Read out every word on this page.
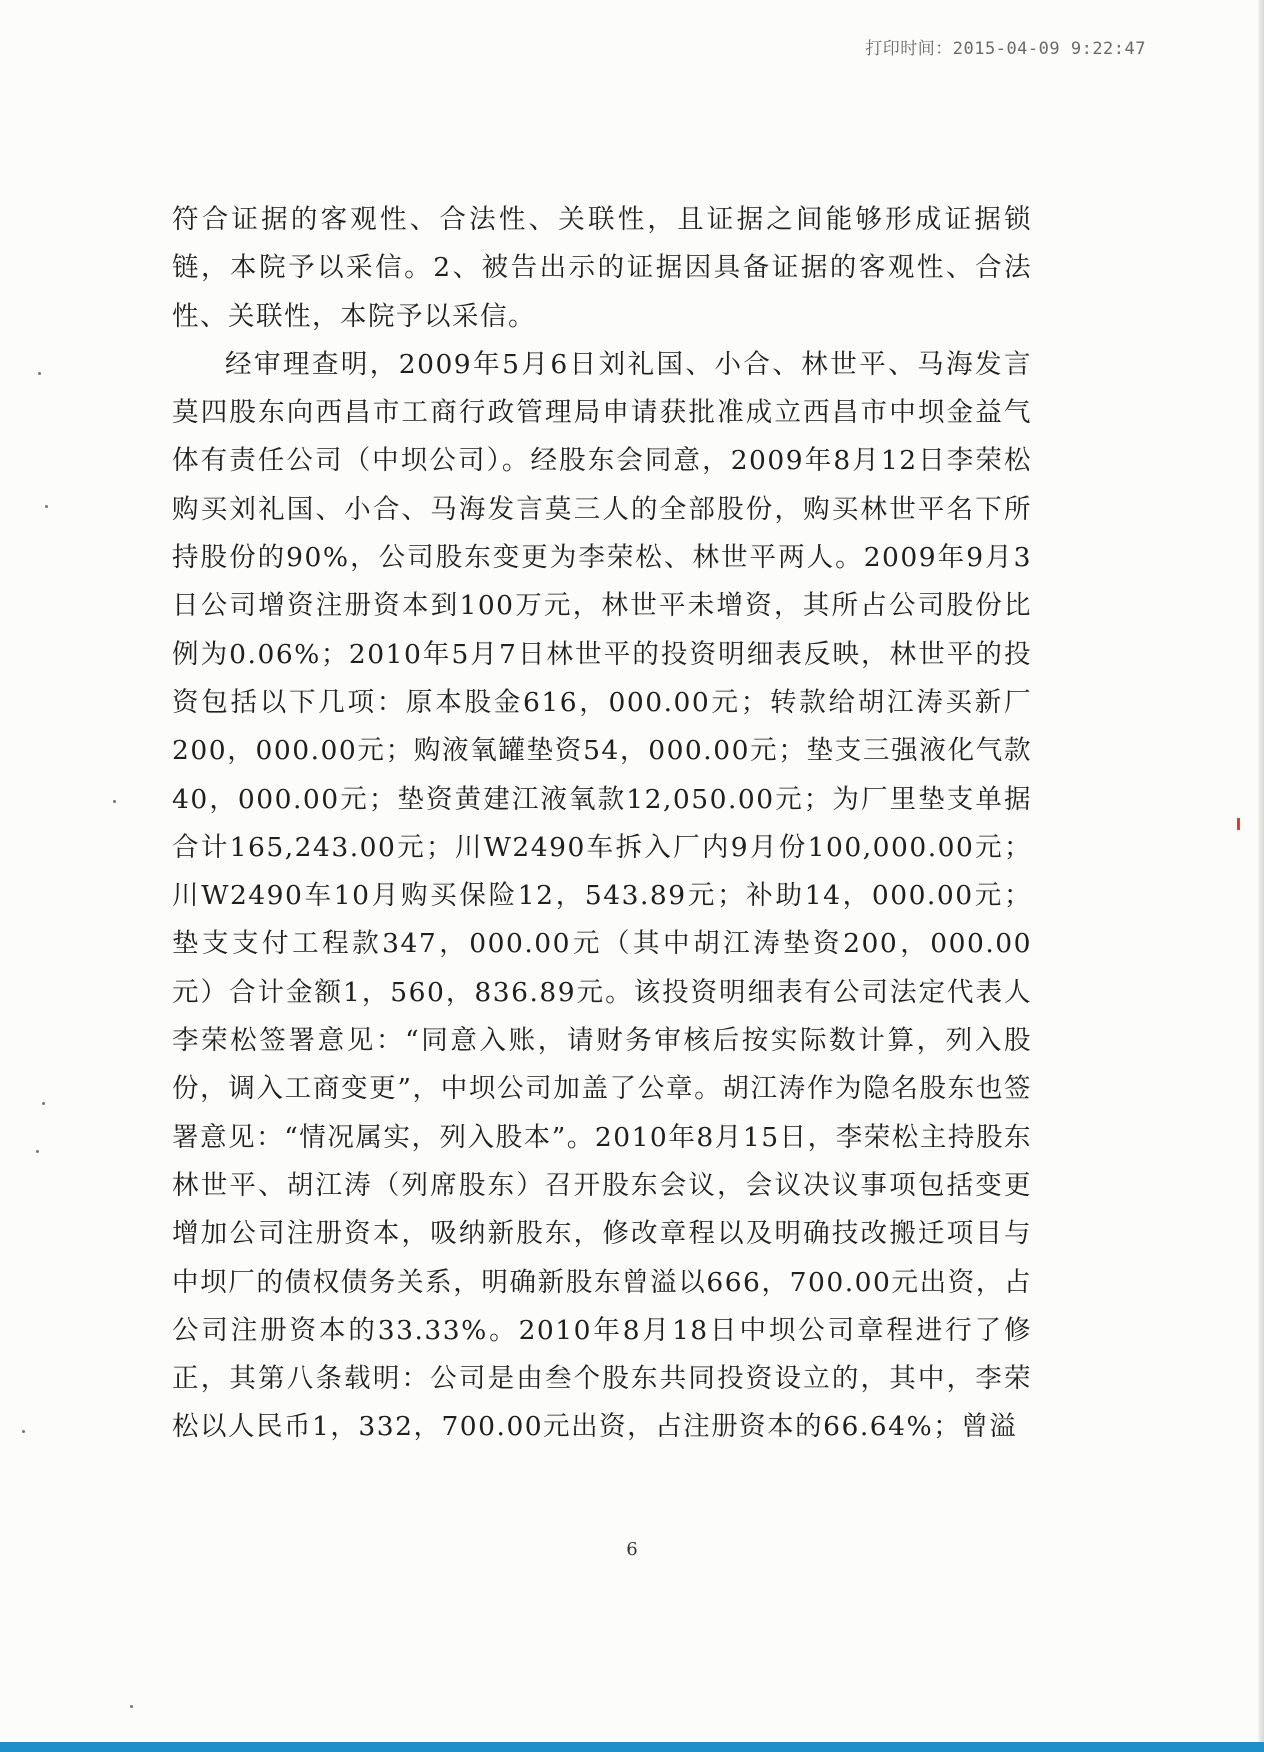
打印时间：2015-04-09 9:22:47

符合证据的客观性、合法性、关联性，且证据之间能够形成证据锁链，本院予以采信。2、被告出示的证据因具备证据的客观性、合法性、关联性，本院予以采信。

经审理查明，2009年5月6日刘礼国、小合、林世平、马海发言莫四股东向西昌市工商行政管理局申请获批准成立西昌市中坝金益气体有责任公司（中坝公司）。经股东会同意，2009年8月12日李荣松购买刘礼国、小合、马海发言莫三人的全部股份，购买林世平名下所持股份的90%，公司股东变更为李荣松、林世平两人。2009年9月3日公司增资注册资本到100万元，林世平未增资，其所占公司股份比例为0.06%；2010年5月7日林世平的投资明细表反映，林世平的投资包括以下几项：原本股金616，000.00元；转款给胡江涛买新厂200，000.00元；购液氧罐垫资54，000.00元；垫支三强液化气款40，000.00元；垫资黄建江液氧款12,050.00元；为厂里垫支单据合计165,243.00元；川W2490车拆入厂内9月份100,000.00元；川W2490车10月购买保险12，543.89元；补助14，000.00元；垫支支付工程款347，000.00元（其中胡江涛垫资200，000.00元）合计金额1，560，836.89元。该投资明细表有公司法定代表人李荣松签署意见：“同意入账，请财务审核后按实际数计算，列入股份，调入工商变更”，中坝公司加盖了公章。胡江涛作为隐名股东也签署意见：“情况属实，列入股本”。2010年8月15日，李荣松主持股东林世平、胡江涛（列席股东）召开股东会议，会议决议事项包括变更增加公司注册资本，吸纳新股东，修改章程以及明确技改搬迁项目与中坝厂的债权债务关系，明确新股东曾溢以666，700.00元出资，占公司注册资本的33.33%。2010年8月18日中坝公司章程进行了修正，其第八条载明：公司是由叁个股东共同投资设立的，其中，李荣松以人民币1，332，700.00元出资，占注册资本的66.64%；曾溢

6
